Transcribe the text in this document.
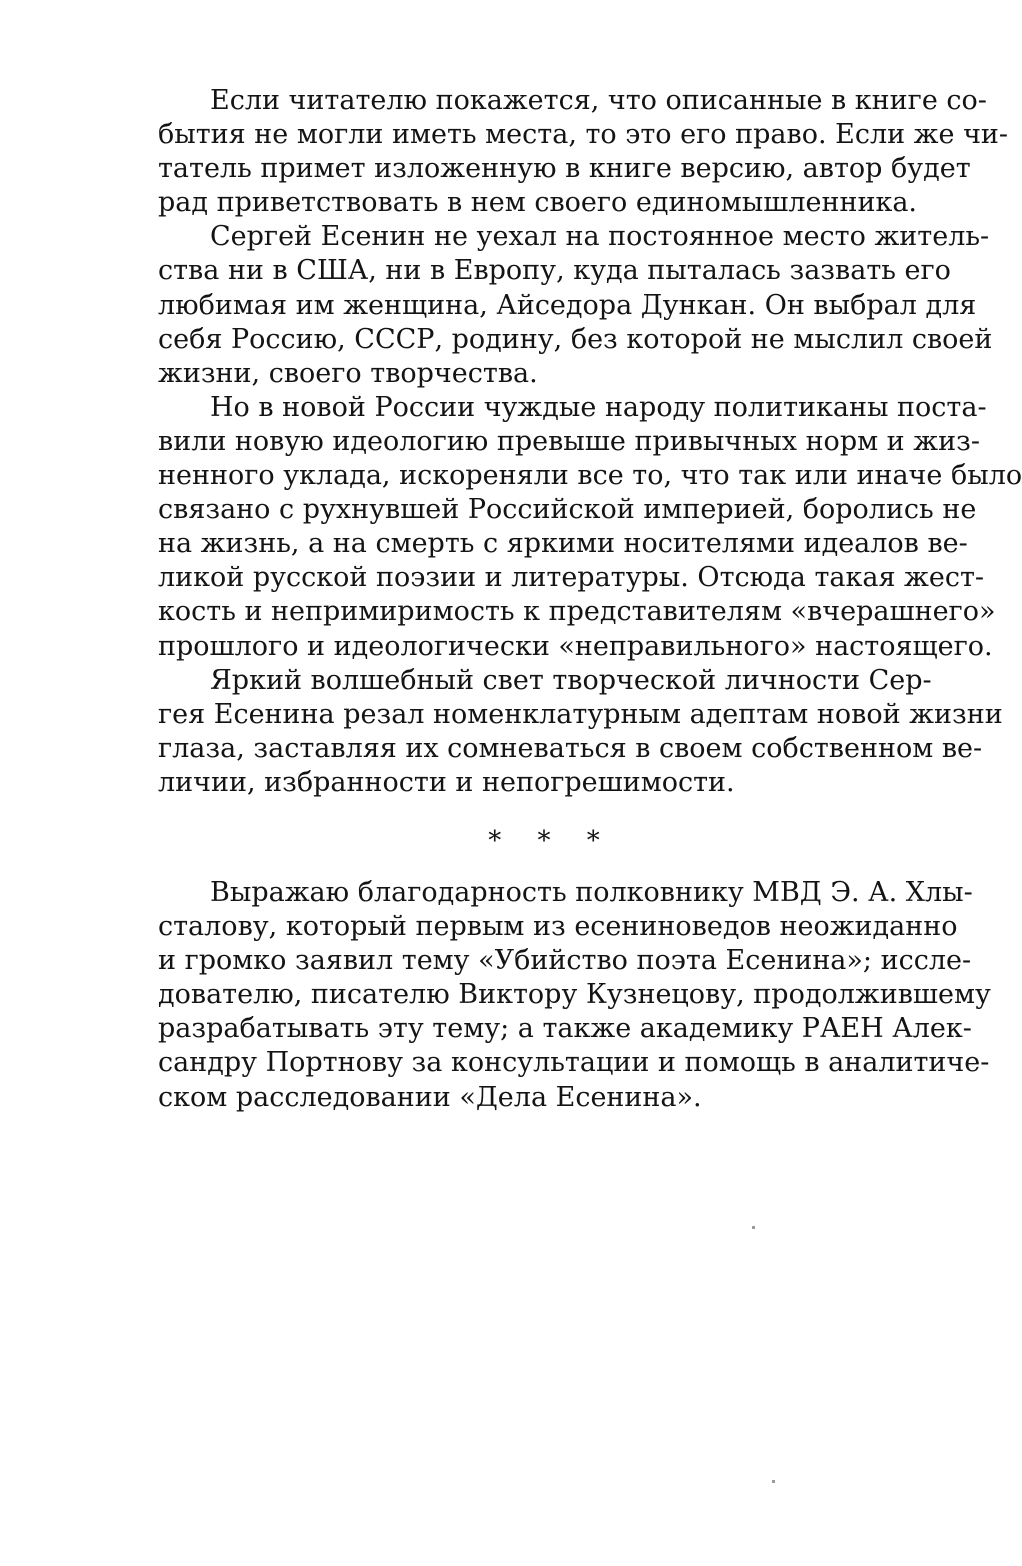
Если читателю покажется, что описанные в книге со-
бытия не могли иметь места, то это его право. Если же чи-
татель примет изложенную в книге версию, автор будет
рад приветствовать в нем своего единомышленника.
Сергей Есенин не уехал на постоянное место житель-
ства ни в США, ни в Европу, куда пыталась зазвать его
любимая им женщина, Айседора Дункан. Он выбрал для
себя Россию, СССР, родину, без которой не мыслил своей
жизни, своего творчества.
Но в новой России чуждые народу политиканы поста-
вили новую идеологию превыше привычных норм и жиз-
ненного уклада, искореняли все то, что так или иначе было
связано с рухнувшей Российской империей, боролись не
на жизнь, а на смерть с яркими носителями идеалов ве-
ликой русской поэзии и литературы. Отсюда такая жест-
кость и непримиримость к представителям «вчерашнего»
прошлого и идеологически «неправильного» настоящего.
Яркий волшебный свет творческой личности Сер-
гея Есенина резал номенклатурным адептам новой жизни
глаза, заставляя их сомневаться в своем собственном ве-
личии, избранности и непогрешимости.
* * *
Выражаю благодарность полковнику МВД Э. А. Хлы-
сталову, который первым из есениноведов неожиданно
и громко заявил тему «Убийство поэта Есенина»; иссле-
дователю, писателю Виктору Кузнецову, продолжившему
разрабатывать эту тему; а также академику РАЕН Алек-
сандру Портнову за консультации и помощь в аналитиче-
ском расследовании «Дела Есенина».
